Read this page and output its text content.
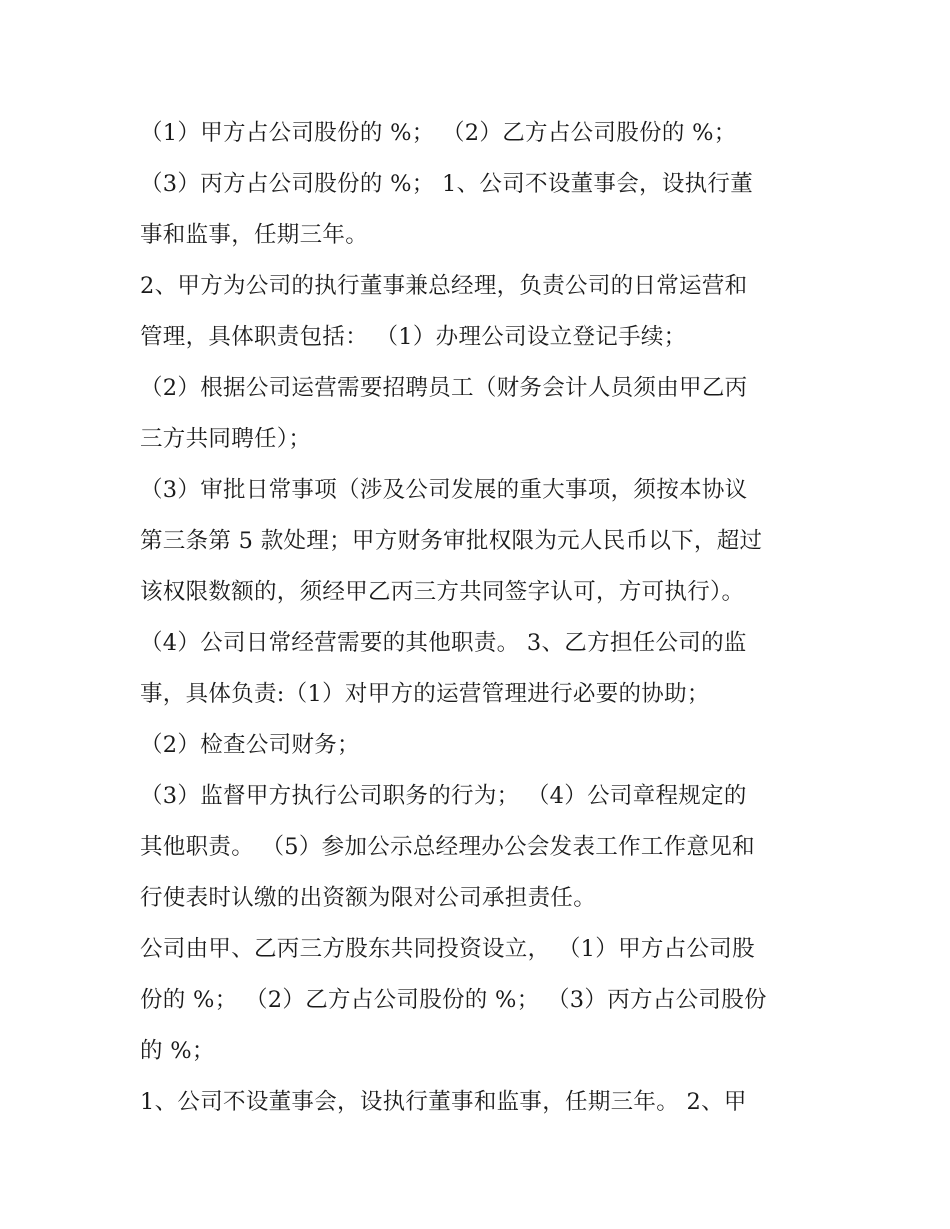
（1）甲方占公司股份的 %； （2）乙方占公司股份的 %；
（3）丙方占公司股份的 %； 1、公司不设董事会，设执行董
事和监事，任期三年。
2、甲方为公司的执行董事兼总经理，负责公司的日常运营和
管理，具体职责包括： （1）办理公司设立登记手续；
（2）根据公司运营需要招聘员工（财务会计人员须由甲乙丙
三方共同聘任）；
（3）审批日常事项（涉及公司发展的重大事项，须按本协议
第三条第 5 款处理；甲方财务审批权限为元人民币以下，超过
该权限数额的，须经甲乙丙三方共同签字认可，方可执行）。
（4）公司日常经营需要的其他职责。 3、乙方担任公司的监
事，具体负责:（1）对甲方的运营管理进行必要的协助；
（2）检查公司财务；
（3）监督甲方执行公司职务的行为； （4）公司章程规定的
其他职责。 （5）参加公示总经理办公会发表工作工作意见和
行使表时认缴的出资额为限对公司承担责任。
公司由甲、乙丙三方股东共同投资设立， （1）甲方占公司股
份的 %； （2）乙方占公司股份的 %； （3）丙方占公司股份
的 %；
1、公司不设董事会，设执行董事和监事，任期三年。 2、甲
